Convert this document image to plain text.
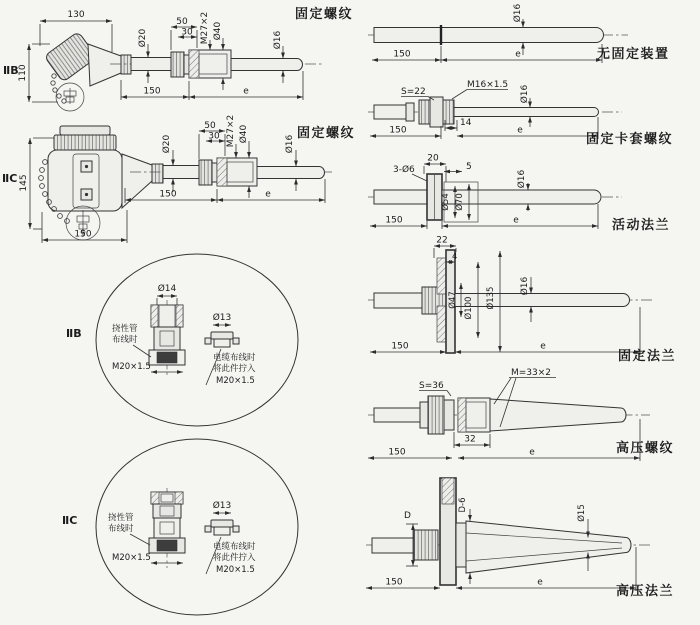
ⅡB
固定螺纹
130
110
Ø20
50
30 M27×2 Ø40	Ø16
150	e
ⅡC
固定螺纹
145
Ø20
50
30 M27×2 Ø40
Ø16
150	e
150
ⅡB
Ø14
挠性管
布线时
M20×1.5
Ø13
电缆布线时
将此件拧入
M20×1.5
ⅡC	挠性管
布线时
M20×1.5
Ø13
电缆布线时
将此件拧入
M20×1.5
Ø16
150	e	无固定装置
S=22
M16×1.5 Ø16
14
150	e
固定卡套螺纹
Ø54 Ø70
20
5
3-Ø6	Ø16
150	e	活动法兰
22
4
Ø47 Ø100 Ø135
Ø16
150	e
固定法兰
S=36
M=33×2
32
150	e	高压螺纹
D
D-6	Ø15
150	e
高压法兰
